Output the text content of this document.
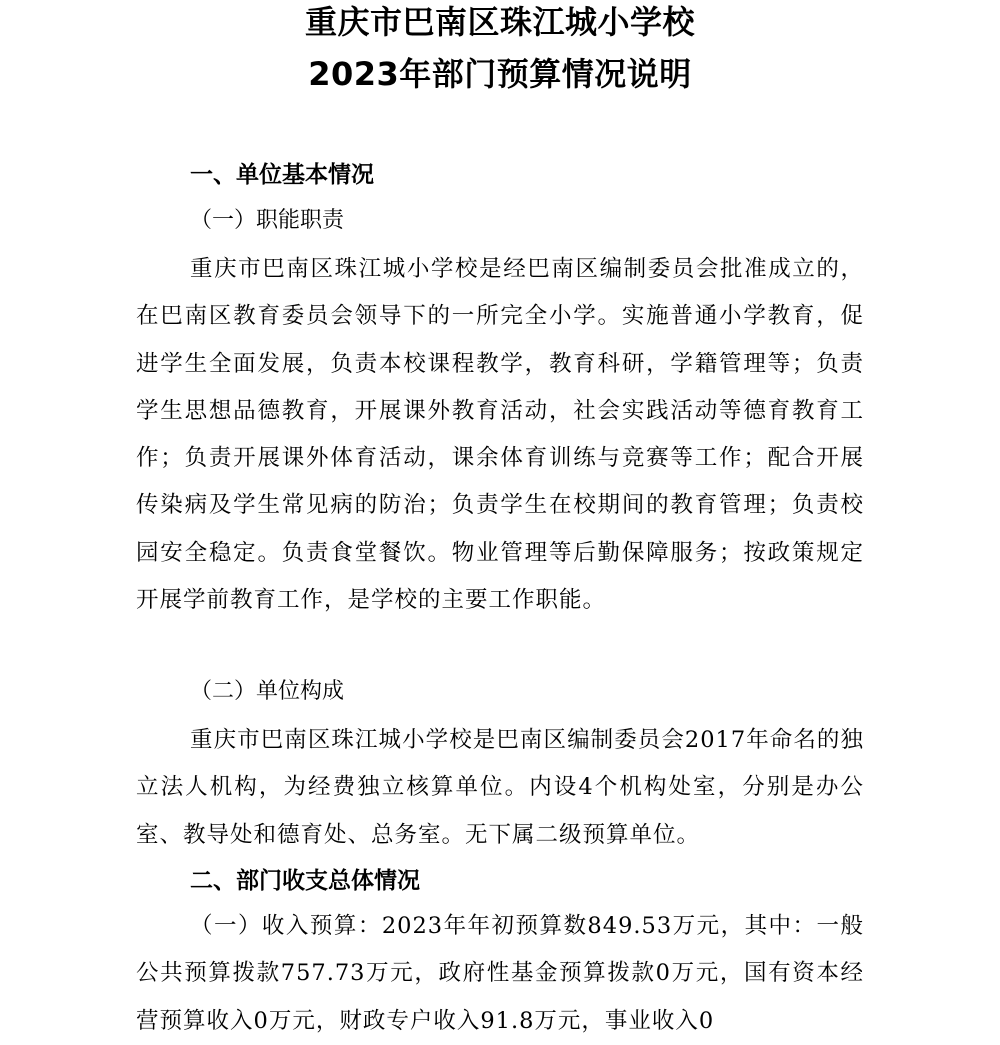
重庆市巴南区珠江城小学校
2023年部门预算情况说明
一、单位基本情况
（一）职能职责
重庆市巴南区珠江城小学校是经巴南区编制委员会批准成立的，在巴南区教育委员会领导下的一所完全小学。实施普通小学教育，促进学生全面发展，负责本校课程教学，教育科研，学籍管理等；负责学生思想品德教育，开展课外教育活动，社会实践活动等德育教育工作；负责开展课外体育活动，课余体育训练与竞赛等工作；配合开展传染病及学生常见病的防治；负责学生在校期间的教育管理；负责校园安全稳定。负责食堂餐饮。物业管理等后勤保障服务；按政策规定开展学前教育工作，是学校的主要工作职能。
（二）单位构成
重庆市巴南区珠江城小学校是巴南区编制委员会2017年命名的独立法人机构，为经费独立核算单位。内设4个机构处室，分别是办公室、教导处和德育处、总务室。无下属二级预算单位。
二、部门收支总体情况
（一）收入预算：2023年年初预算数849.53万元，其中：一般公共预算拨款757.73万元，政府性基金预算拨款0万元，国有资本经营预算收入0万元，财政专户收入91.8万元，事业收入0
